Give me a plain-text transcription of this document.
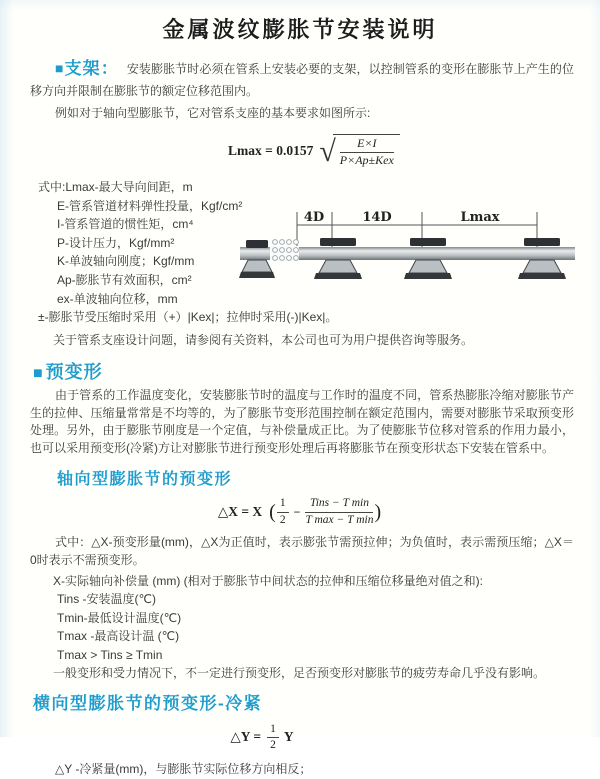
金属波纹膨胀节安装说明

■支架： 安装膨胀节时必须在管系上安装必要的支架，以控制管系的变形在膨胀节上产生的位移方向并限制在膨胀节的额定位移范围内。

例如对于轴向型膨胀节，它对管系支座的基本要求如图所示:

Lmax = 0.0157 √ $\frac{E\times I}{\text{P×Ap±Kex}}$
式中:Lmax-最大导向间距，m
E-管系管道材料弹性投量，Kgf/cm²
I-管系管道的惯性矩，cm⁴
P-设计压力，Kgf/mm²
K-单波轴向刚度；Kgf/mm
Ap-膨胀节有效面积，cm²
ex-单波轴向位移，mm
±-膨胀节受压缩时采用（+）|Kex|；拉伸时采用(-)|Kex|。
关于管系支座设计问题，请参阅有关资料，本公司也可为用户提供咨询等服务。
4D	14D	Lmax
■ 预变形

由于管系的工作温度变化，安装膨胀节时的温度与工作时的温度不同，管系热膨胀冷缩对膨胀节产生的拉伸、压缩量常常是不均等的，为了膨胀节变形范围控制在额定范围内，需要对膨胀节采取预变形处理。另外，由于膨胀节刚度是一个定值，与补偿量成正比。为了使膨胀节位移对管系的作用力最小，也可以采用预变形(冷紧)方让对膨胀节进行预变形处理后再将膨胀节在预变形状态下安装在管系中。

轴向型膨胀节的预变形
△X = X ( $\frac{1}{2} - \frac{\text{Tins − T min}}{\text{T max − T min}}$ )

式中：△X-预变形量(mm)，△X为正值时，表示膨张节需预拉伸；为负值时，表示需预压缩；△X＝0时表示不需预变形。

X-实际轴向补偿量 (mm) (相对于膨胀节中间状态的拉伸和压缩位移量绝对值之和):
Tins -安装温度(℃)
Tmin-最低设计温度(℃)
Tmax -最高设计温 (℃)
Tmax > Tins ≥ Tmin
一般变形和受力情况下，不一定进行预变形，足否预变形对膨胀节的疲劳寿命几乎没有影响。
横向型膨胀节的预变形-冷紧
△Y = $\frac{1}{2}$ Y

△Y -冷紧量(mm)，与膨胀节实际位移方向相反；
